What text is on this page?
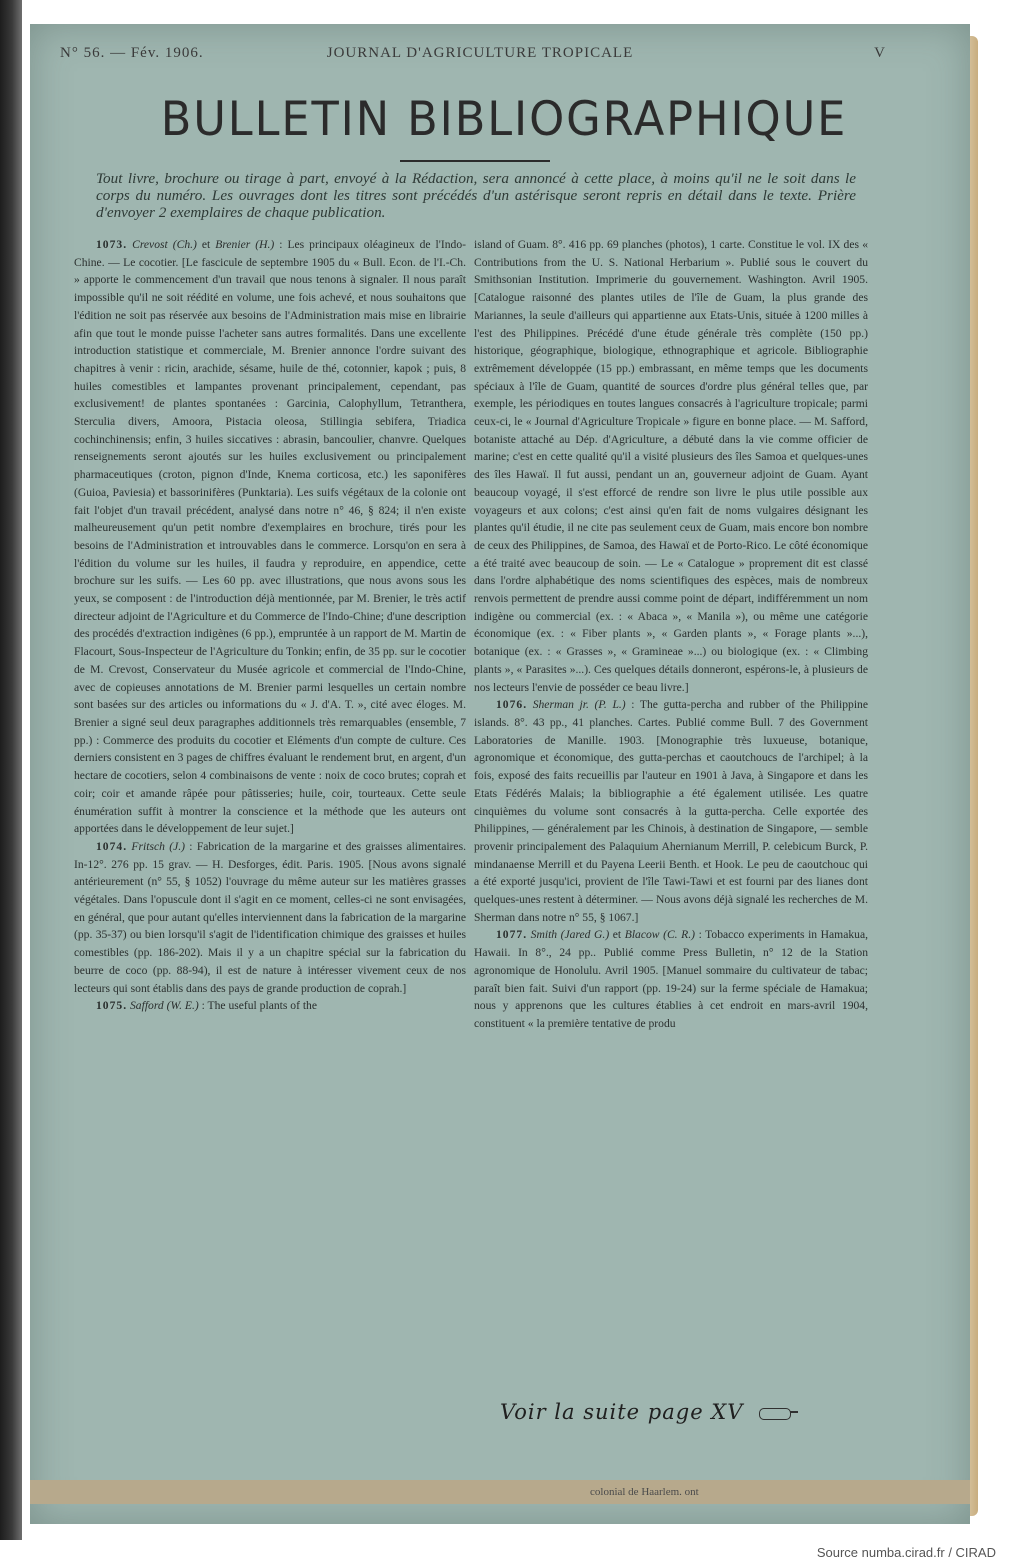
N° 56. — Fév. 1906.	JOURNAL D'AGRICULTURE TROPICALE	V
BULLETIN BIBLIOGRAPHIQUE
Tout livre, brochure ou tirage à part, envoyé à la Rédaction, sera annoncé à cette place, à moins qu'il ne le soit dans le corps du numéro. Les ouvrages dont les titres sont précédés d'un astérisque seront repris en détail dans le texte. Prière d'envoyer 2 exemplaires de chaque publication.

1073. Crevost (Ch.) et Brenier (H.) : Les principaux oléagineux de l'Indo-Chine. — Le cocotier. [Le fascicule de septembre 1905 du « Bull. Econ. de l'I.-Ch. » apporte le commencement d'un travail que nous tenons à signaler. Il nous paraît impossible qu'il ne soit réédité en volume, une fois achevé, et nous souhaitons que l'édition ne soit pas réservée aux besoins de l'Administration mais mise en librairie afin que tout le monde puisse l'acheter sans autres formalités. Dans une excellente introduction statistique et commerciale, M. Brenier annonce l'ordre suivant des chapitres à venir : ricin, arachide, sésame, huile de thé, cotonnier, kapok ; puis, 8 huiles comestibles et lampantes provenant principalement, cependant, pas exclusivement! de plantes spontanées : Garcinia, Calophyllum, Tetranthera, Sterculia divers, Amoora, Pistacia oleosa, Stillingia sebifera, Triadica cochinchinensis; enfin, 3 huiles siccatives : abrasin, bancoulier, chanvre. Quelques renseignements seront ajoutés sur les huiles exclusivement ou principalement pharmaceutiques (croton, pignon d'Inde, Knema corticosa, etc.) les saponifères (Guioa, Paviesia) et bassorinifères (Punktaria). Les suifs végétaux de la colonie ont fait l'objet d'un travail précédent, analysé dans notre n° 46, § 824; il n'en existe malheureusement qu'un petit nombre d'exemplaires en brochure, tirés pour les besoins de l'Administration et introuvables dans le commerce. Lorsqu'on en sera à l'édition du volume sur les huiles, il faudra y reproduire, en appendice, cette brochure sur les suifs. — Les 60 pp. avec illustrations, que nous avons sous les yeux, se composent : de l'introduction déjà mentionnée, par M. Brenier, le très actif directeur adjoint de l'Agriculture et du Commerce de l'Indo-Chine; d'une description des procédés d'extraction indigènes (6 pp.), empruntée à un rapport de M. Martin de Flacourt, Sous-Inspecteur de l'Agriculture du Tonkin; enfin, de 35 pp. sur le cocotier de M. Crevost, Conservateur du Musée agricole et commercial de l'Indo-Chine, avec de copieuses annotations de M. Brenier parmi lesquelles un certain nombre sont basées sur des articles ou informations du « J. d'A. T. », cité avec éloges. M. Brenier a signé seul deux paragraphes additionnels très remarquables (ensemble, 7 pp.) : Commerce des produits du cocotier et Eléments d'un compte de culture. Ces derniers consistent en 3 pages de chiffres évaluant le rendement brut, en argent, d'un hectare de cocotiers, selon 4 combinaisons de vente : noix de coco brutes; coprah et coir; coir et amande râpée pour pâtisseries; huile, coir, tourteaux. Cette seule énumération suffit à montrer la conscience et la méthode que les auteurs ont apportées dans le développement de leur sujet.]

1074. Fritsch (J.) : Fabrication de la margarine et des graisses alimentaires. In-12°. 276 pp. 15 grav. — H. Desforges, édit. Paris. 1905. [Nous avons signalé antérieurement (n° 55, § 1052) l'ouvrage du même auteur sur les matières grasses végétales. Dans l'opuscule dont il s'agit en ce moment, celles-ci ne sont envisagées, en général, que pour autant qu'elles interviennent dans la fabrication de la margarine (pp. 35-37) ou bien lorsqu'il s'agit de l'identification chimique des graisses et huiles comestibles (pp. 186-202). Mais il y a un chapitre spécial sur la fabrication du beurre de coco (pp. 88-94), il est de nature à intéresser vivement ceux de nos lecteurs qui sont établis dans des pays de grande production de coprah.]

1075. Safford (W. E.) : The useful plants of the

island of Guam. 8°. 416 pp. 69 planches (photos), 1 carte. Constitue le vol. IX des « Contributions from the U. S. National Herbarium ». Publié sous le couvert du Smithsonian Institution. Imprimerie du gouvernement. Washington. Avril 1905. [Catalogue raisonné des plantes utiles de l'île de Guam, la plus grande des Mariannes, la seule d'ailleurs qui appartienne aux Etats-Unis, située à 1200 milles à l'est des Philippines. Précédé d'une étude générale très complète (150 pp.) historique, géographique, biologique, ethnographique et agricole. Bibliographie extrêmement développée (15 pp.) embrassant, en même temps que les documents spéciaux à l'île de Guam, quantité de sources d'ordre plus général telles que, par exemple, les périodiques en toutes langues consacrés à l'agriculture tropicale; parmi ceux-ci, le « Journal d'Agriculture Tropicale » figure en bonne place. — M. Safford, botaniste attaché au Dép. d'Agriculture, a débuté dans la vie comme officier de marine; c'est en cette qualité qu'il a visité plusieurs des îles Samoa et quelques-unes des îles Hawaï. Il fut aussi, pendant un an, gouverneur adjoint de Guam. Ayant beaucoup voyagé, il s'est efforcé de rendre son livre le plus utile possible aux voyageurs et aux colons; c'est ainsi qu'en fait de noms vulgaires désignant les plantes qu'il étudie, il ne cite pas seulement ceux de Guam, mais encore bon nombre de ceux des Philippines, de Samoa, des Hawaï et de Porto-Rico. Le côté économique a été traité avec beaucoup de soin. — Le « Catalogue » proprement dit est classé dans l'ordre alphabétique des noms scientifiques des espèces, mais de nombreux renvois permettent de prendre aussi comme point de départ, indifféremment un nom indigène ou commercial (ex. : « Abaca », « Manila »), ou même une catégorie économique (ex. : « Fiber plants », « Garden plants », « Forage plants »...), botanique (ex. : « Grasses », « Gramineae »...) ou biologique (ex. : « Climbing plants », « Parasites »...). Ces quelques détails donneront, espérons-le, à plusieurs de nos lecteurs l'envie de posséder ce beau livre.]

1076. Sherman jr. (P. L.) : The gutta-percha and rubber of the Philippine islands. 8°. 43 pp., 41 planches. Cartes. Publié comme Bull. 7 des Government Laboratories de Manille. 1903. [Monographie très luxueuse, botanique, agronomique et économique, des gutta-perchas et caoutchoucs de l'archipel; à la fois, exposé des faits recueillis par l'auteur en 1901 à Java, à Singapore et dans les Etats Fédérés Malais; la bibliographie a été également utilisée. Les quatre cinquièmes du volume sont consacrés à la gutta-percha. Celle exportée des Philippines, — généralement par les Chinois, à destination de Singapore, — semble provenir principalement des Palaquium Ahernianum Merrill, P. celebicum Burck, P. mindanaense Merrill et du Payena Leerii Benth. et Hook. Le peu de caoutchouc qui a été exporté jusqu'ici, provient de l'île Tawi-Tawi et est fourni par des lianes dont quelques-unes restent à déterminer. — Nous avons déjà signalé les recherches de M. Sherman dans notre n° 55, § 1067.]

1077. Smith (Jared G.) et Blacow (C. R.) : Tobacco experiments in Hamakua, Hawaii. In 8°., 24 pp.. Publié comme Press Bulletin, n° 12 de la Station agronomique de Honolulu. Avril 1905. [Manuel sommaire du cultivateur de tabac; paraît bien fait. Suivi d'un rapport (pp. 19-24) sur la ferme spéciale de Hamakua; nous y apprenons que les cultures établies à cet endroit en mars-avril 1904, constituent « la première tentative de produ

Voir la suite page XV
colonial de Haarlem. ont
Source numba.cirad.fr / CIRAD
